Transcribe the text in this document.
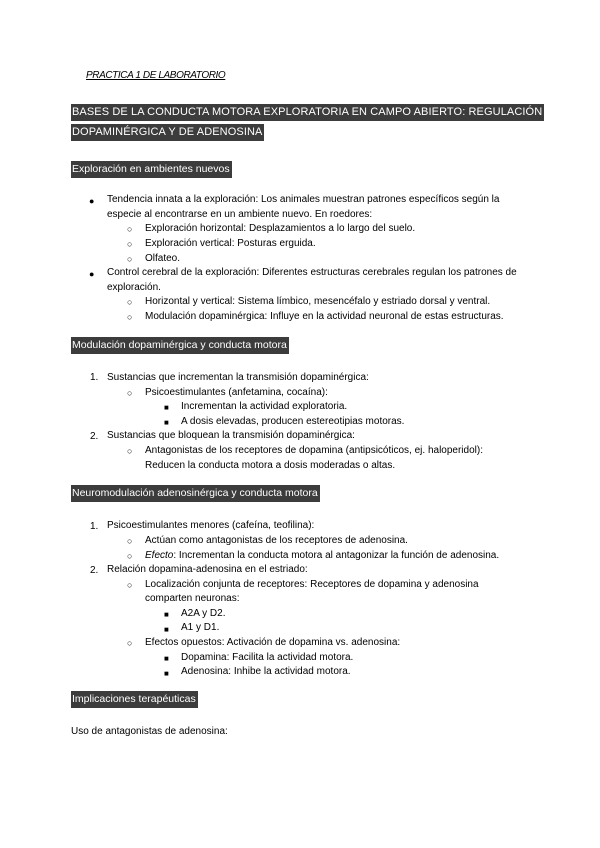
PRACTICA 1 DE LABORATORIO
BASES DE LA CONDUCTA MOTORA EXPLORATORIA EN CAMPO ABIERTO: REGULACIÓN
DOPAMINÉRGICA Y DE ADENOSINA
Exploración en ambientes nuevos
● Tendencia innata a la exploración: Los animales muestran patrones específicos según la
especie al encontrarse en un ambiente nuevo. En roedores:
○ Exploración horizontal: Desplazamientos a lo largo del suelo.
○ Exploración vertical: Posturas erguida.
○ Olfateo.
● Control cerebral de la exploración: Diferentes estructuras cerebrales regulan los patrones de
exploración.
○ Horizontal y vertical: Sistema límbico, mesencéfalo y estriado dorsal y ventral.
○ Modulación dopaminérgica: Influye en la actividad neuronal de estas estructuras.
Modulación dopaminérgica y conducta motora
1. Sustancias que incrementan la transmisión dopaminérgica:
○ Psicoestimulantes (anfetamina, cocaína):
■ Incrementan la actividad exploratoria.
■ A dosis elevadas, producen estereotipias motoras.
2. Sustancias que bloquean la transmisión dopaminérgica:
○ Antagonistas de los receptores de dopamina (antipsicóticos, ej. haloperidol):
Reducen la conducta motora a dosis moderadas o altas.
Neuromodulación adenosinérgica y conducta motora
1. Psicoestimulantes menores (cafeína, teofilina):
○ Actúan como antagonistas de los receptores de adenosina.
○ Efecto: Incrementan la conducta motora al antagonizar la función de adenosina.
2. Relación dopamina-adenosina en el estriado:
○ Localización conjunta de receptores: Receptores de dopamina y adenosina
comparten neuronas:
■ A2A y D2.
■ A1 y D1.
○ Efectos opuestos: Activación de dopamina vs. adenosina:
■ Dopamina: Facilita la actividad motora.
■ Adenosina: Inhibe la actividad motora.
Implicaciones terapéuticas
Uso de antagonistas de adenosina:
